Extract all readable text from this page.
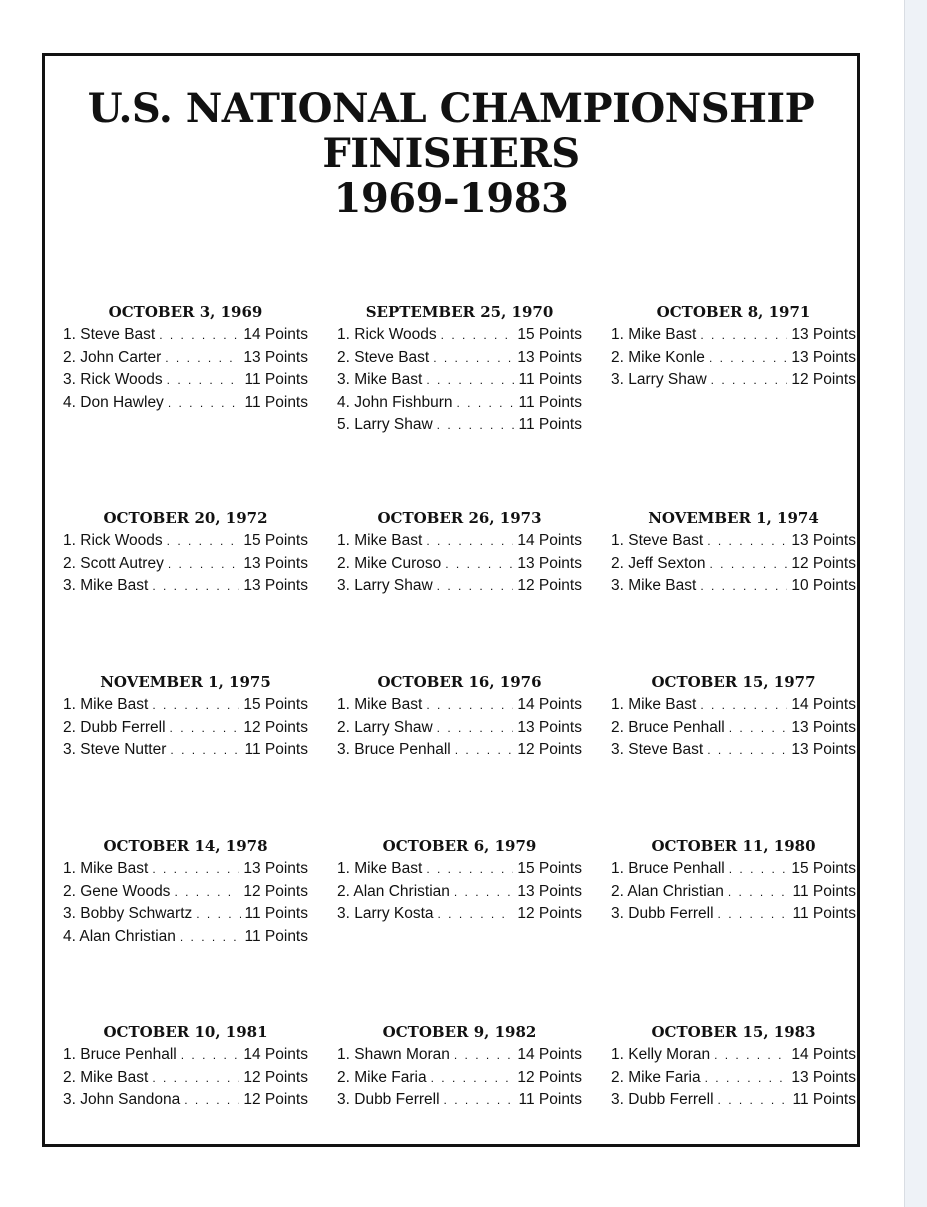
U.S. NATIONAL CHAMPIONSHIP
FINISHERS
1969-1983
OCTOBER 3, 1969
1. Steve Bast . . .	14 Points
2. John Carter . . .	13 Points
3. Rick Woods . . .	11 Points
4. Don Hawley . . .	11 Points
SEPTEMBER 25, 1970
1. Rick Woods . . .	15 Points
2. Steve Bast . . .	13 Points
3. Mike Bast . . .	11 Points
4. John Fishburn . . .	11 Points
5. Larry Shaw . . .	11 Points
OCTOBER 8, 1971
1. Mike Bast . . .	13 Points
2. Mike Konle . . .	13 Points
3. Larry Shaw . . .	12 Points
OCTOBER 20, 1972
1. Rick Woods . . .	15 Points
2. Scott Autrey . . .	13 Points
3. Mike Bast . . .	13 Points
OCTOBER 26, 1973
1. Mike Bast . . .	14 Points
2. Mike Curoso . . .	13 Points
3. Larry Shaw . . .	12 Points
NOVEMBER 1, 1974
1. Steve Bast . . .	13 Points
2. Jeff Sexton . . .	12 Points
3. Mike Bast . . .	10 Points
NOVEMBER 1, 1975
1. Mike Bast . . .	15 Points
2. Dubb Ferrell . . .	12 Points
3. Steve Nutter . . .	11 Points
OCTOBER 16, 1976
1. Mike Bast . . .	14 Points
2. Larry Shaw . . .	13 Points
3. Bruce Penhall . . .	12 Points
OCTOBER 15, 1977
1. Mike Bast . . .	14 Points
2. Bruce Penhall . . .	13 Points
3. Steve Bast . . .	13 Points
OCTOBER 14, 1978
1. Mike Bast . . .	13 Points
2. Gene Woods . . .	12 Points
3. Bobby Schwartz . . .	11 Points
4. Alan Christian . . .	11 Points
OCTOBER 6, 1979
1. Mike Bast . . .	15 Points
2. Alan Christian . . .	13 Points
3. Larry Kosta . . .	12 Points
OCTOBER 11, 1980
1. Bruce Penhall . . .	15 Points
2. Alan Christian . . .	11 Points
3. Dubb Ferrell . . .	11 Points
OCTOBER 10, 1981
1. Bruce Penhall . . .	14 Points
2. Mike Bast . . .	12 Points
3. John Sandona . . .	12 Points
OCTOBER 9, 1982
1. Shawn Moran . . .	14 Points
2. Mike Faria . . .	12 Points
3. Dubb Ferrell . . .	11 Points
OCTOBER 15, 1983
1. Kelly Moran . . .	14 Points
2. Mike Faria . . .	13 Points
3. Dubb Ferrell . . .	11 Points
